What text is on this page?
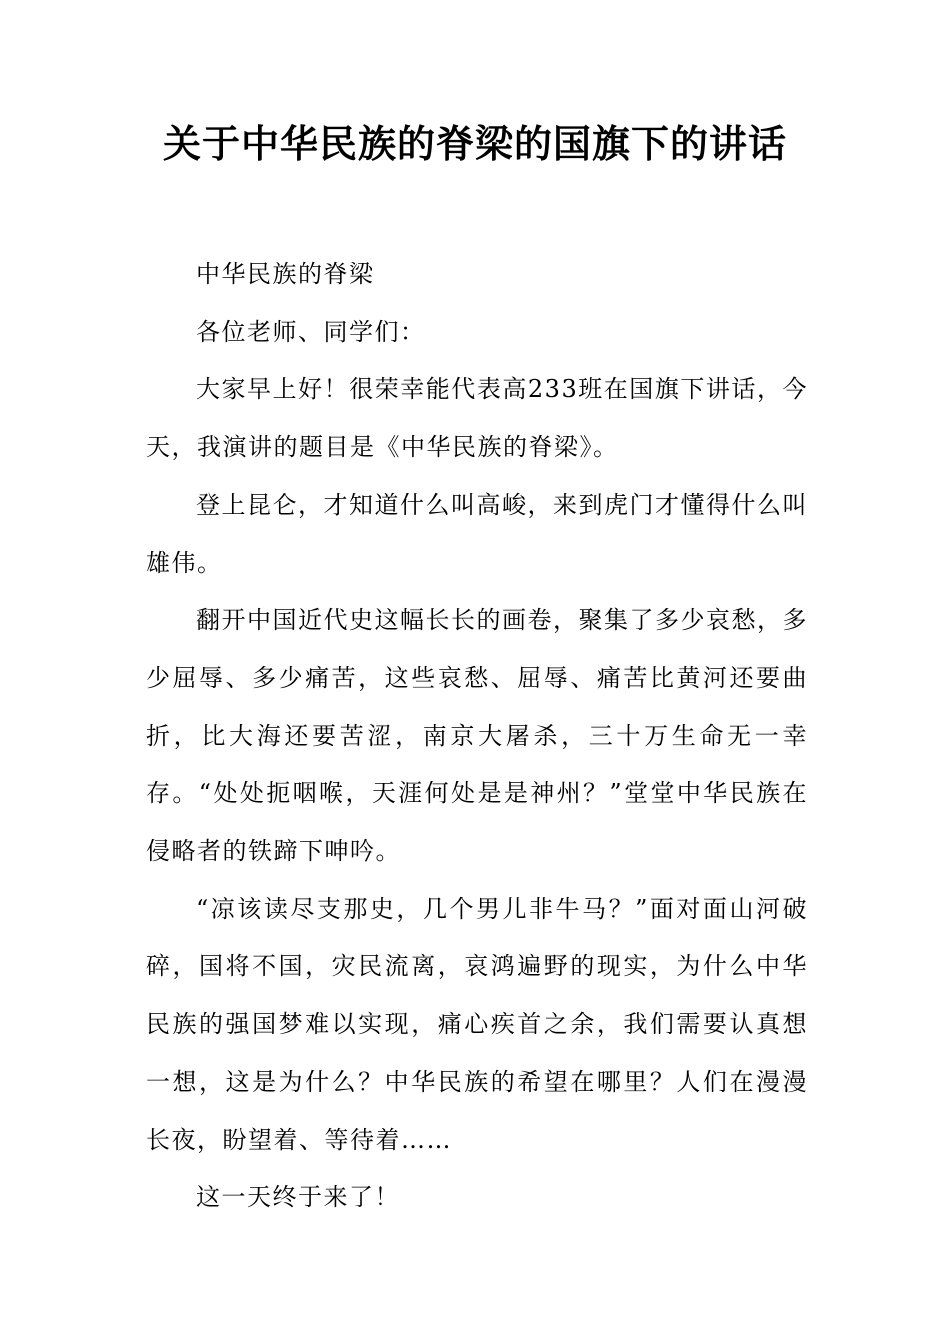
关于中华民族的脊梁的国旗下的讲话

中华民族的脊梁

各位老师、同学们：

大家早上好！很荣幸能代表高233班在国旗下讲话，今天，我演讲的题目是《中华民族的脊梁》。

登上昆仑，才知道什么叫高峻，来到虎门才懂得什么叫雄伟。

翻开中国近代史这幅长长的画卷，聚集了多少哀愁，多少屈辱、多少痛苦，这些哀愁、屈辱、痛苦比黄河还要曲折，比大海还要苦涩，南京大屠杀，三十万生命无一幸存。“处处扼咽喉，天涯何处是是神州？”堂堂中华民族在侵略者的铁蹄下呻吟。

“凉该读尽支那史，几个男儿非牛马？”面对面山河破碎，国将不国，灾民流离，哀鸿遍野的现实，为什么中华民族的强国梦难以实现，痛心疾首之余，我们需要认真想一想，这是为什么？中华民族的希望在哪里？人们在漫漫长夜，盼望着、等待着……

这一天终于来了！
